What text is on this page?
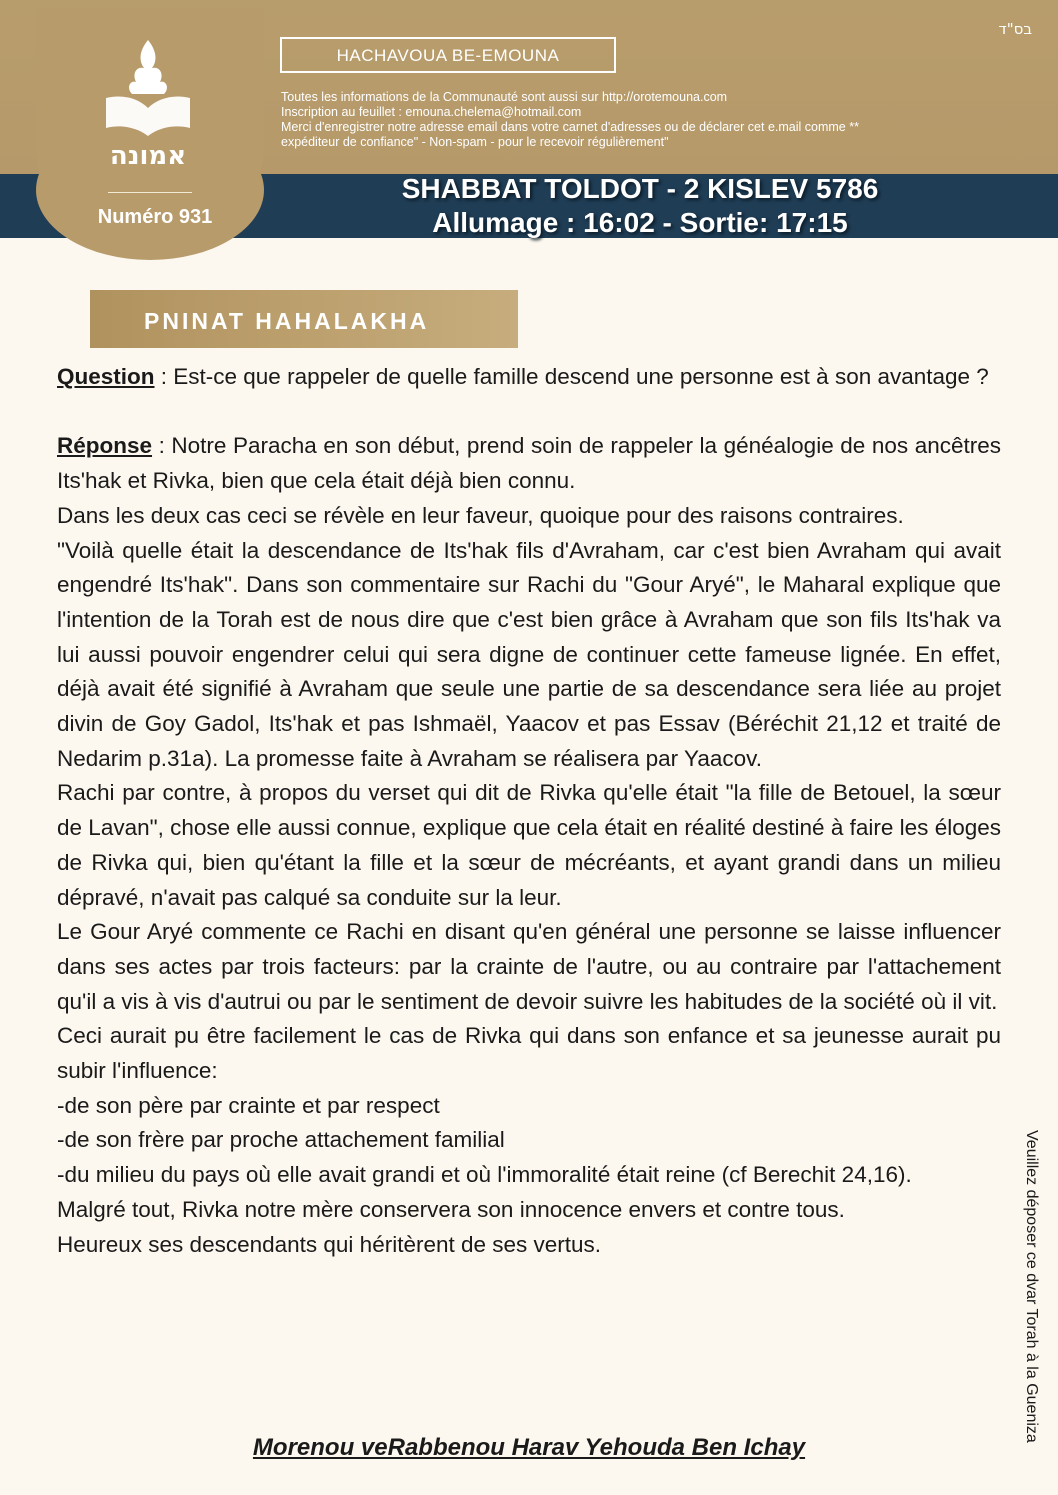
אמונה
Numéro 931
בס"ד
HACHAVOUA BE-EMOUNA
Toutes les informations de la Communauté sont aussi sur http://orotemouna.com
Inscription au feuillet : emouna.chelema@hotmail.com
Merci d'enregistrer notre adresse email dans votre carnet d'adresses ou de déclarer cet e.mail comme **
expéditeur de confiance" - Non-spam - pour le recevoir régulièrement"
SHABBAT TOLDOT - 2 KISLEV 5786
Allumage : 16:02 - Sortie: 17:15
PNINAT HAHALAKHA

Question : Est-ce que rappeler de quelle famille descend une personne est à son avantage ?

Réponse : Notre Paracha en son début, prend soin de rappeler la généalogie de nos ancêtres Its'hak et Rivka, bien que cela était déjà bien connu.

Dans les deux cas ceci se révèle en leur faveur, quoique pour des raisons contraires.

"Voilà quelle était la descendance de Its'hak fils d'Avraham, car c'est bien Avraham qui avait engendré Its'hak". Dans son commentaire sur Rachi du "Gour Aryé", le Maharal explique que l'intention de la Torah est de nous dire que c'est bien grâce à Avraham que son fils Its'hak va lui aussi pouvoir engendrer celui qui sera digne de continuer cette fameuse lignée. En effet, déjà avait été signifié à Avraham que seule une partie de sa descendance sera liée au projet divin de Goy Gadol, Its'hak et pas Ishmaël, Yaacov et pas Essav (Béréchit 21,12 et traité de Nedarim p.31a). La promesse faite à Avraham se réalisera par Yaacov.

Rachi par contre, à propos du verset qui dit de Rivka qu'elle était "la fille de Betouel, la sœur de Lavan", chose elle aussi connue, explique que cela était en réalité destiné à faire les éloges de Rivka qui, bien qu'étant la fille et la sœur de mécréants, et ayant grandi dans un milieu dépravé, n'avait pas calqué sa conduite sur la leur.

Le Gour Aryé commente ce Rachi en disant qu'en général une personne se laisse influencer dans ses actes par trois facteurs: par la crainte de l'autre, ou au contraire par l'attachement qu'il a vis à vis d'autrui ou par le sentiment de devoir suivre les habitudes de la société où il vit.

Ceci aurait pu être facilement le cas de Rivka qui dans son enfance et sa jeunesse aurait pu subir l'influence:

-de son père par crainte et par respect

-de son frère par proche attachement familial

-du milieu du pays où elle avait grandi et où l'immoralité était reine (cf Berechit 24,16).

Malgré tout, Rivka notre mère conservera son innocence envers et contre tous.

Heureux ses descendants qui héritèrent de ses vertus.

Morenou veRabbenou Harav Yehouda Ben Ichay
Veuillez déposer ce dvar Torah à la Guenizа
